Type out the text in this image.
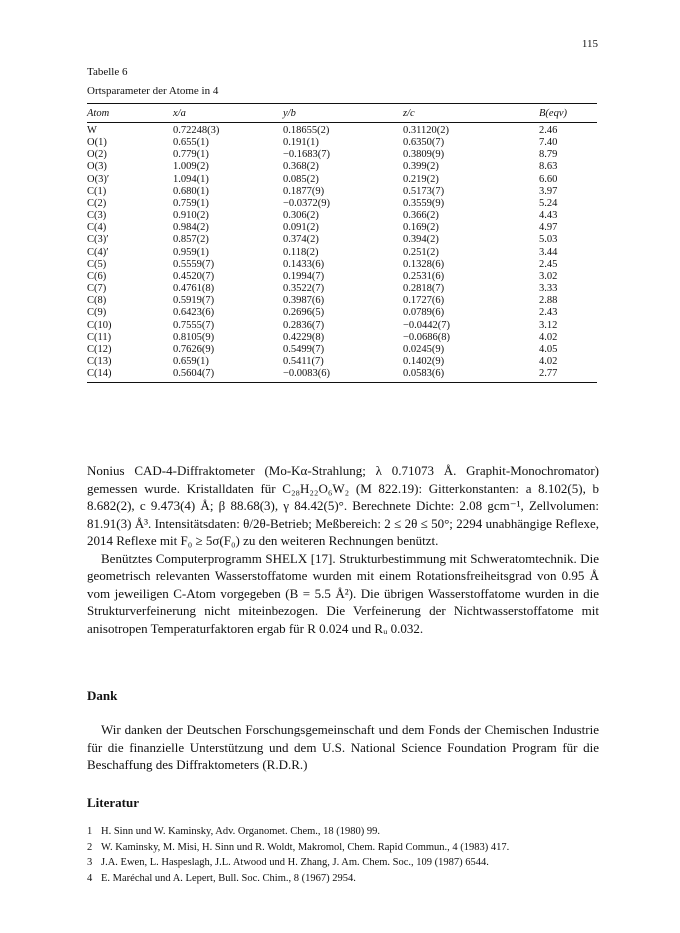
115
Tabelle 6
Ortsparameter der Atome in 4
Atom	x/a	y/b	z/c	B(eqv)
W	0.72248(3)	0.18655(2)	0.31120(2)	2.46
O(1)	0.655(1)	0.191(1)	0.6350(7)	7.40
O(2)	0.779(1)	−0.1683(7)	0.3809(9)	8.79
O(3)	1.009(2)	0.368(2)	0.399(2)	8.63
O(3)′	1.094(1)	0.085(2)	0.219(2)	6.60
C(1)	0.680(1)	0.1877(9)	0.5173(7)	3.97
C(2)	0.759(1)	−0.0372(9)	0.3559(9)	5.24
C(3)	0.910(2)	0.306(2)	0.366(2)	4.43
C(4)	0.984(2)	0.091(2)	0.169(2)	4.97
C(3)′	0.857(2)	0.374(2)	0.394(2)	5.03
C(4)′	0.959(1)	0.118(2)	0.251(2)	3.44
C(5)	0.5559(7)	0.1433(6)	0.1328(6)	2.45
C(6)	0.4520(7)	0.1994(7)	0.2531(6)	3.02
C(7)	0.4761(8)	0.3522(7)	0.2818(7)	3.33
C(8)	0.5919(7)	0.3987(6)	0.1727(6)	2.88
C(9)	0.6423(6)	0.2696(5)	0.0789(6)	2.43
C(10)	0.7555(7)	0.2836(7)	−0.0442(7)	3.12
C(11)	0.8105(9)	0.4229(8)	−0.0686(8)	4.02
C(12)	0.7626(9)	0.5499(7)	0.0245(9)	4.05
C(13)	0.659(1)	0.5411(7)	0.1402(9)	4.02
C(14)	0.5604(7)	−0.0083(6)	0.0583(6)	2.77

Nonius CAD-4-Diffraktometer (Mo-Kα-Strahlung; λ 0.71073 Å. Graphit-Monochromator) gemessen wurde. Kristalldaten für C₂₈H₂₂O₆W₂ (M 822.19): Gitterkonstanten: a 8.102(5), b 8.682(2), c 9.473(4) Å; β 88.68(3), γ 84.42(5)°. Berechnete Dichte: 2.08 gcm⁻¹, Zellvolumen: 81.91(3) Å³. Intensitätsdaten: θ/2θ-Betrieb; Meßbereich: 2 ≤ 2θ ≤ 50°; 2294 unabhängige Reflexe, 2014 Reflexe mit F₀ ≥ 5σ(F₀) zu den weiteren Rechnungen benützt.

Benütztes Computerprogramm SHELX [17]. Strukturbestimmung mit Schweratomtechnik. Die geometrisch relevanten Wasserstoffatome wurden mit einem Rotationsfreiheitsgrad von 0.95 Å vom jeweiligen C-Atom vorgegeben (B = 5.5 Å²). Die übrigen Wasserstoffatome wurden in die Strukturverfeinerung nicht miteinbezogen. Die Verfeinerung der Nichtwasserstoffatome mit anisotropen Temperaturfaktoren ergab für R 0.024 und Rᵤ 0.032.

Dank

Wir danken der Deutschen Forschungsgemeinschaft und dem Fonds der Chemischen Industrie für die finanzielle Unterstützung und dem U.S. National Science Foundation Program für die Beschaffung des Diffraktometers (R.D.R.)

Literatur
1 H. Sinn und W. Kaminsky, Adv. Organomet. Chem., 18 (1980) 99.
2 W. Kaminsky, M. Misi, H. Sinn und R. Woldt, Makromol, Chem. Rapid Commun., 4 (1983) 417.
3 J.A. Ewen, L. Haspeslagh, J.L. Atwood und H. Zhang, J. Am. Chem. Soc., 109 (1987) 6544.
4 E. Maréchal und A. Lepert, Bull. Soc. Chim., 8 (1967) 2954.
